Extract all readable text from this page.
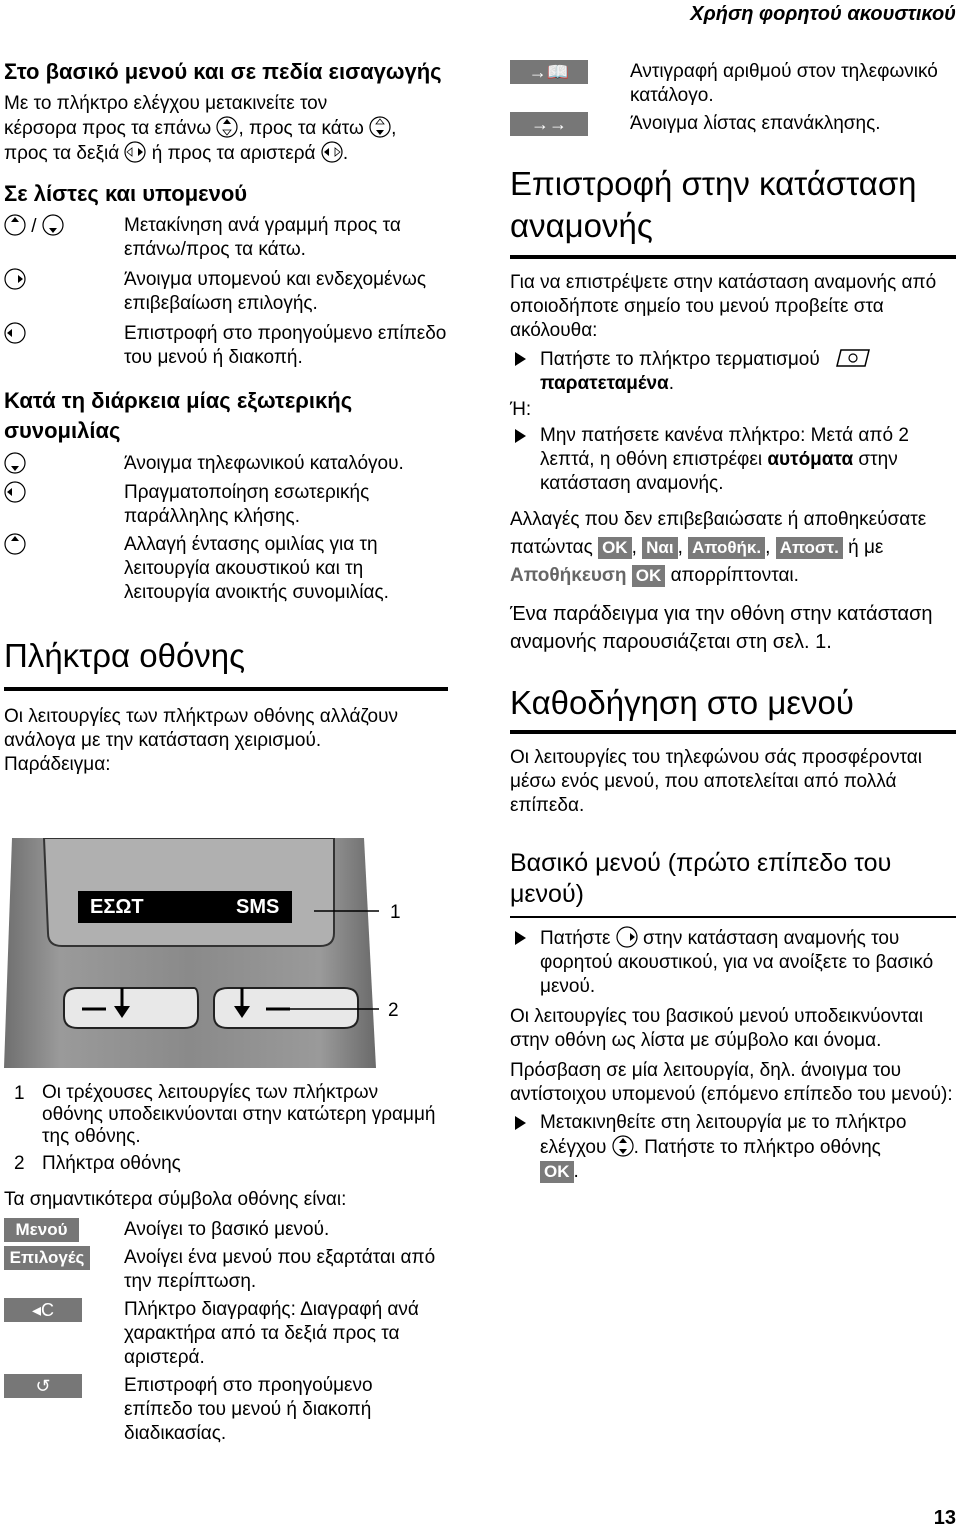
Χρήση φορητού ακουστικού
Στο βασικό μενού και σε πεδία εισαγωγής

Με το πλήκτρο ελέγχου μετακινείτε τον
κέρσορα προς τα επάνω , προς τα κάτω ,
προς τα δεξιά ή προς τα αριστερά .

Σε λίστες και υπομενού
/	Μετακίνηση ανά γραμμή προς τα επάνω/προς τα κάτω.
Άνοιγμα υπομενού και ενδεχομένως επιβεβαίωση επιλογής.
Επιστροφή στο προηγούμενο επίπεδο του μενού ή διακοπή.
Κατά τη διάρκεια μίας εξωτερικής συνομιλίας
Άνοιγμα τηλεφωνικού καταλόγου.
Πραγματοποίηση εσωτερικής παράλληλης κλήσης.
Αλλαγή έντασης ομιλίας για τη λειτουργία ακουστικού και τη λειτουργία ανοικτής συνομιλίας.
Πλήκτρα οθόνης

Οι λειτουργίες των πλήκτρων οθόνης αλλάζουν
ανάλογα με την κατάσταση χειρισμού.
Παράδειγμα:

ΕΣΩΤ	SMS	1
2
1 Οι τρέχουσες λειτουργίες των πλήκτρων οθόνης υποδεικνύονται στην κατώτερη γραμμή της οθόνης.
2 Πλήκτρα οθόνης

Τα σημαντικότερα σύμβολα οθόνης είναι:

Μενού	Ανοίγει το βασικό μενού.
Επιλογές	Ανοίγει ένα μενού που εξαρτάται από την περίπτωση.
◂C	Πλήκτρο διαγραφής: Διαγραφή ανά χαρακτήρα από τα δεξιά προς τα αριστερά.
↺	Επιστροφή στο προηγούμενο επίπεδο του μενού ή διακοπή διαδικασίας.
→📖	Αντιγραφή αριθμού στον τηλεφωνικό κατάλογο.
→→	Άνοιγμα λίστας επανάκλησης.
Επιστροφή στην κατάσταση αναμονής

Για να επιστρέψετε στην κατάσταση αναμονής από οποιοδήποτε σημείο του μενού προβείτε στα ακόλουθα:

Πατήστε το πλήκτρο τερματισμού
παρατεταμένα.

Ή:

Μην πατήσετε κανένα πλήκτρο: Μετά από 2 λεπτά, η οθόνη επιστρέφει αυτόματα στην κατάσταση αναμονής.

Αλλαγές που δεν επιβεβαιώσατε ή αποθηκεύσατε πατώντας OK , Ναι , Αποθήκ. , Αποστ. ή με Αποθήκευση OK απορρίπτονται.

Ένα παράδειγμα για την οθόνη στην κατάσταση αναμονής παρουσιάζεται στη σελ. 1.

Καθοδήγηση στο μενού

Οι λειτουργίες του τηλεφώνου σάς προσφέρονται μέσω ενός μενού, που αποτελείται από πολλά επίπεδα.

Βασικό μενού (πρώτο επίπεδο του μενού)

Πατήστε στην κατάσταση αναμονής του φορητού ακουστικού, για να ανοίξετε το βασικό μενού.

Οι λειτουργίες του βασικού μενού υποδεικνύονται στην οθόνη ως λίστα με σύμβολο και όνομα.

Πρόσβαση σε μία λειτουργία, δηλ. άνοιγμα του αντίστοιχου υπομενού (επόμενο επίπεδο του μενού):

Μετακινηθείτε στη λειτουργία με το πλήκτρο ελέγχου . Πατήστε το πλήκτρο οθόνης
OK .

13
